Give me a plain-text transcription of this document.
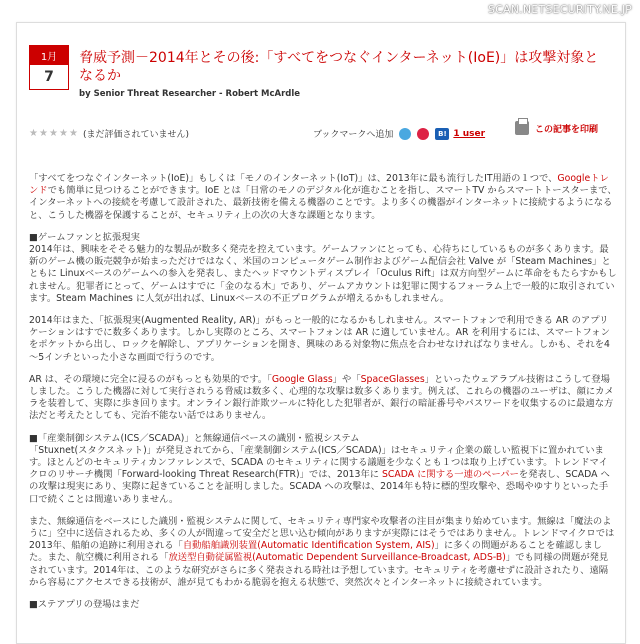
SCAN.NETSECURITY.NE.JP
1月
7
脅威予測－2014年とその後:「すべてをつなぐインターネット(IoE)」は攻撃対象となるか
by Senior Threat Researcher - Robert McArdle
★ ★ ★ ★ ★ (まだ評価されていません)	ブックマークへ追加	B! 1 user	この記事を印刷

「すべてをつなぐインターネット(IoE)」もしくは「モノのインターネット(IoT)」は、2013年に最も流行したIT用語の１つで、Googleトレンドでも簡単に見つけることができます。IoE とは「日常のモノのデジタル化が進むことを指し、スマートTV からスマートトースターまで、インターネットへの接続を考慮して設計された、最新技術を備える機器のことです。より多くの機器がインターネットに接続するようになると、こうした機器を保護することが、セキュリティ上の次の大きな課題となります。

■ゲームファンと拡張現実

2014年は、興味をそそる魅力的な製品が数多く発売を控えています。ゲームファンにとっても、心待ちにしているものが多くあります。最新のゲーム機の販売競争が始まっただけではなく、米国のコンピュータゲーム制作およびゲーム配信会社 Valve が「Steam Machines」とともに Linuxベースのゲームへの参入を発表し、またヘッドマウントディスプレイ「Oculus Rift」は双方向型ゲームに革命をもたらすかもしれません。犯罪者にとって、ゲームはすでに「金のなる木」であり、ゲームアカウントは犯罪に関するフォーラム上で一般的に取引されています。Steam Machines に人気が出れば、Linuxベースの不正プログラムが増えるかもしれません。

2014年はまた、「拡張現実(Augmented Reality, AR)」がもっと一般的になるかもしれません。スマートフォンで利用できる AR のアプリケーションはすでに数多くあります。しかし実際のところ、スマートフォンは AR に適していません。AR を利用するには、スマートフォンをポケットから出し、ロックを解除し、アプリケーションを開き、興味のある対象物に焦点を合わせなければなりません。しかも、それを4～5インチといった小さな画面で行うのです。

AR は、その環境に完全に浸るのがもっとも効果的です。「Google Glass」や「SpaceGlasses」といったウェアラブル技術はこうして登場しました。こうした機器に対して実行されうる脅威は数多く、心理的な攻撃は数多くあります。例えば、これらの機器のユーザは、顔にカメラを装着して、実際に歩き回ります。オンライン銀行詐欺ツールに特化した犯罪者が、銀行の暗証番号やパスワードを収集するのに最適な方法だと考えたとしても、完治不能ない話ではありません。

■「産業制御システム(ICS／SCADA)」と無線通信ベースの識別・監視システム

「Stuxnet(スタクスネット)」が発見されてから、「産業制御システム(ICS／SCADA)」はセキュリティ企業の厳しい監視下に置かれています。ほとんどのセキュリティカンファレンスで、SCADA のセキュリティに関する議題を少なくとも１つは取り上げています。トレンドマイクロのリサーチ機関「Forward-looking Threat Research(FTR)」では、2013年に SCADA に関する一連のペーパーを発表し、SCADA への攻撃は現実にあり、実際に起きていることを証明しました。SCADA への攻撃は、2014年も特に標的型攻撃や、恐喝やゆすりといった手口で続くことは間違いありません。

また、無線通信をベースにした識別・監視システムに関して、セキュリティ専門家や攻撃者の注目が集まり始めています。無線は「魔法のように」空中に送信されるため、多くの人が間違って安全だと思い込む傾向がありますが実際にはそうではありません。トレンドマイクロでは2013年、船舶の追跡に利用される「自動船舶識別装置(Automatic Identification System, AIS)」に多くの問題があることを確認しました。また、航空機に利用される「放送型自動従属監視(Automatic Dependent Surveillance-Broadcast, ADS-B)」でも同様の問題が発見されています。2014年は、このような研究がさらに多く発表される時社は予想しています。セキュリティを考慮せずに設計されたり、遠隔から容易にアクセスできる技術が、誰が見てもわかる脆弱を抱える状態で、突然次々とインターネットに接続されています。

■ステアプリの登場はまだ
